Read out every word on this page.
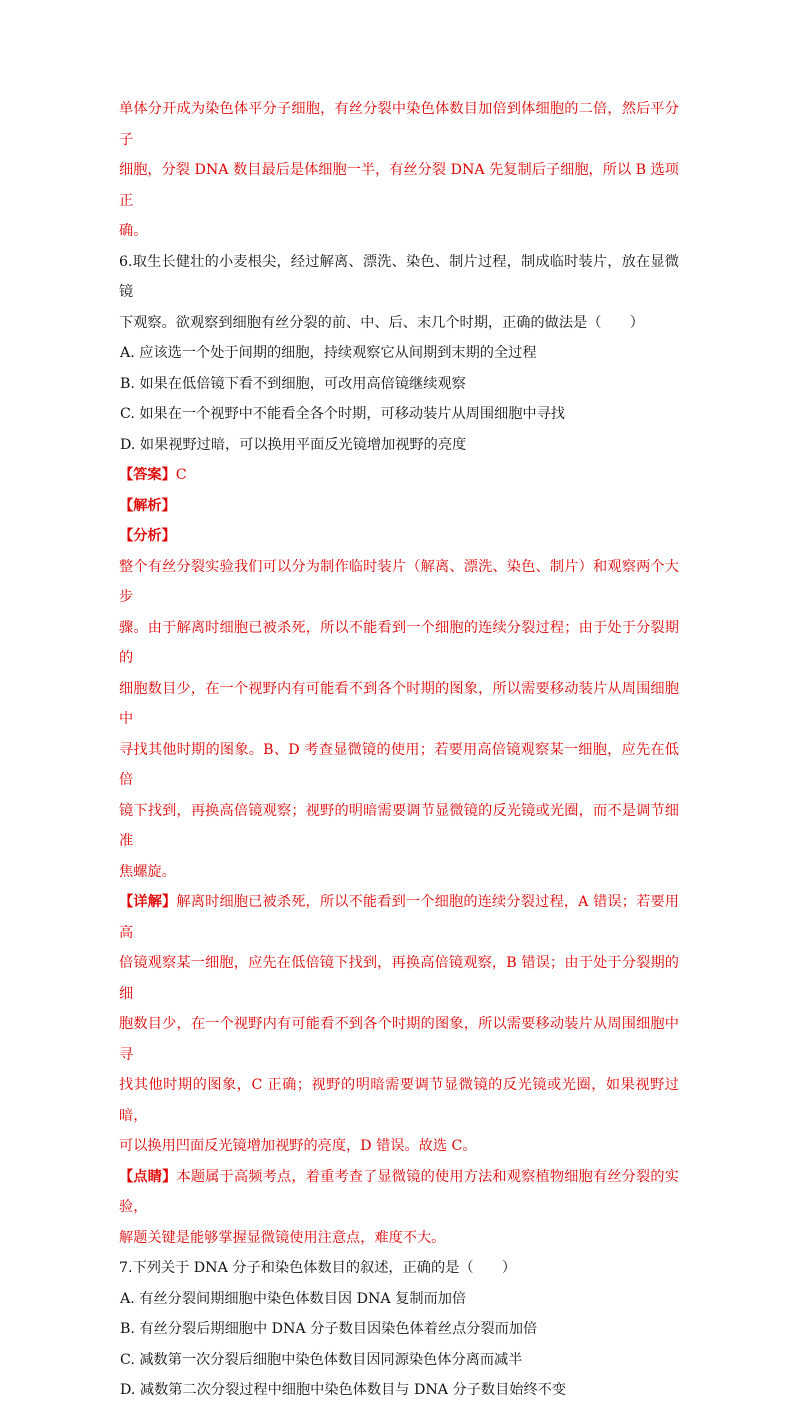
单体分开成为染色体平分子细胞，有丝分裂中染色体数目加倍到体细胞的二倍，然后平分子

细胞，分裂 DNA 数目最后是体细胞一半，有丝分裂 DNA 先复制后子细胞，所以 B 选项正

确。

6.取生长健壮的小麦根尖，经过解离、漂洗、染色、制片过程，制成临时装片，放在显微镜

下观察。欲观察到细胞有丝分裂的前、中、后、末几个时期，正确的做法是（　　）

A. 应该选一个处于间期的细胞，持续观察它从间期到末期的全过程

B. 如果在低倍镜下看不到细胞，可改用高倍镜继续观察

C. 如果在一个视野中不能看全各个时期，可移动装片从周围细胞中寻找

D. 如果视野过暗，可以换用平面反光镜增加视野的亮度

【答案】C

【解析】

【分析】

整个有丝分裂实验我们可以分为制作临时装片（解离、漂洗、染色、制片）和观察两个大步

骤。由于解离时细胞已被杀死，所以不能看到一个细胞的连续分裂过程；由于处于分裂期的

细胞数目少，在一个视野内有可能看不到各个时期的图象，所以需要移动装片从周围细胞中

寻找其他时期的图象。B、D 考查显微镜的使用；若要用高倍镜观察某一细胞，应先在低倍

镜下找到，再换高倍镜观察；视野的明暗需要调节显微镜的反光镜或光圈，而不是调节细准

焦螺旋。

【详解】解离时细胞已被杀死，所以不能看到一个细胞的连续分裂过程，A 错误；若要用高

倍镜观察某一细胞，应先在低倍镜下找到，再换高倍镜观察，B 错误；由于处于分裂期的细

胞数目少，在一个视野内有可能看不到各个时期的图象，所以需要移动装片从周围细胞中寻

找其他时期的图象，C 正确；视野的明暗需要调节显微镜的反光镜或光圈，如果视野过暗，

可以换用凹面反光镜增加视野的亮度，D 错误。故选 C。

【点睛】本题属于高频考点，着重考查了显微镜的使用方法和观察植物细胞有丝分裂的实验，

解题关键是能够掌握显微镜使用注意点，难度不大。

7.下列关于 DNA 分子和染色体数目的叙述，正确的是（　　）

A. 有丝分裂间期细胞中染色体数目因 DNA 复制而加倍

B. 有丝分裂后期细胞中 DNA 分子数目因染色体着丝点分裂而加倍

C. 减数第一次分裂后细胞中染色体数目因同源染色体分离而减半

D. 减数第二次分裂过程中细胞中染色体数目与 DNA 分子数目始终不变
